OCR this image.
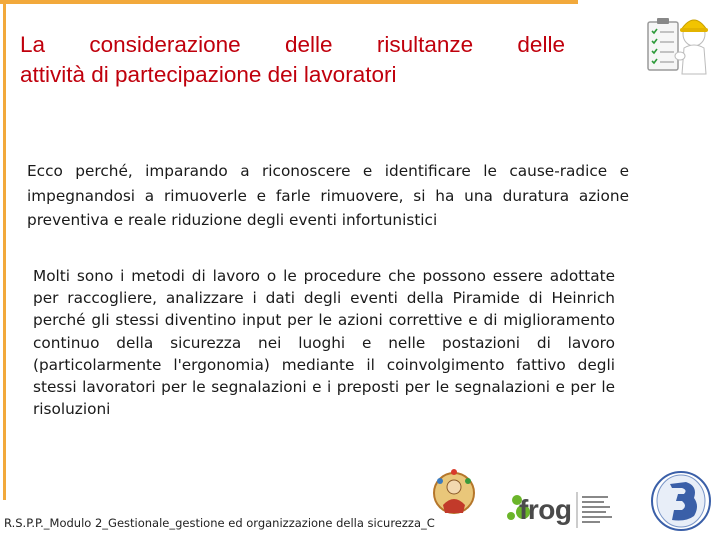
La considerazione delle risultanze delle
attività di partecipazione dei lavoratori
Ecco perché, imparando a riconoscere e identificare le cause-radice e impegnandosi a rimuoverle e farle rimuovere, si ha una duratura azione preventiva e reale riduzione degli eventi infortunistici
Molti sono i metodi di lavoro o le procedure che possono essere adottate per raccogliere, analizzare i dati degli eventi della Piramide di Heinrich perché gli stessi diventino input per le azioni correttive e di miglioramento continuo della sicurezza nei luoghi e nelle postazioni di lavoro (particolarmente l'ergonomia) mediante il coinvolgimento fattivo degli stessi lavoratori per le segnalazioni e i preposti per le segnalazioni e per le risoluzioni
R.S.P.P._Modulo 2_Gestionale_gestione ed organizzazione della sicurezza_C	frog
